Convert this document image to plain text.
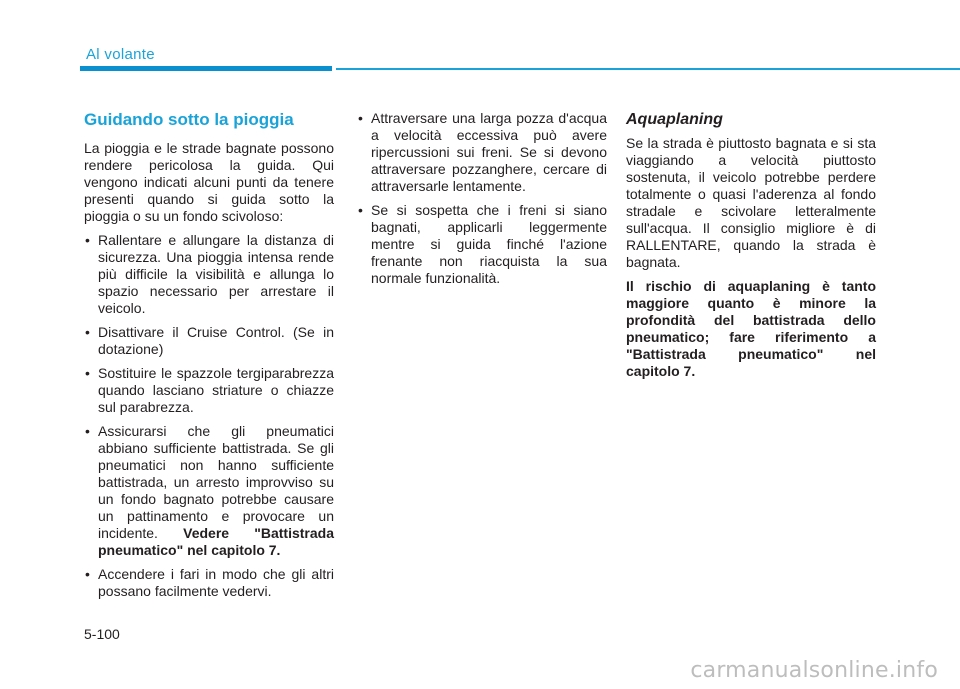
Al volante
Guidando sotto la pioggia

La pioggia e le strade bagnate possono rendere pericolosa la guida. Qui vengono indicati alcuni punti da tenere presenti quando si guida sotto la pioggia o su un fondo scivoloso:

• Rallentare e allungare la distanza di sicurezza. Una pioggia intensa rende più difficile la visibilità e allunga lo spazio necessario per arrestare il veicolo.
• Disattivare il Cruise Control. (Se in dotazione)
• Sostituire le spazzole tergiparabrezza quando lasciano striature o chiazze sul parabrezza.
• Assicurarsi che gli pneumatici abbiano sufficiente battistrada. Se gli pneumatici non hanno sufficiente battistrada, un arresto improvviso su un fondo bagnato potrebbe causare un pattinamento e provocare un incidente. Vedere "Battistrada pneumatico" nel capitolo 7.
• Accendere i fari in modo che gli altri possano facilmente vedervi.
• Attraversare una larga pozza d'acqua a velocità eccessiva può avere ripercussioni sui freni. Se si devono attraversare pozzanghere, cercare di attraversarle lentamente.
• Se si sospetta che i freni si siano bagnati, applicarli leggermente mentre si guida finché l'azione frenante non riacquista la sua normale funzionalità.
Aquaplaning

Se la strada è piuttosto bagnata e si sta viaggiando a velocità piuttosto sostenuta, il veicolo potrebbe perdere totalmente o quasi l'aderenza al fondo stradale e scivolare letteralmente sull'acqua. Il consiglio migliore è di RALLENTARE, quando la strada è bagnata.

Il rischio di aquaplaning è tanto maggiore quanto è minore la profondità del battistrada dello pneumatico; fare riferimento a "Battistrada pneumatico" nel capitolo 7.

5-100
carmanualsonline.info
